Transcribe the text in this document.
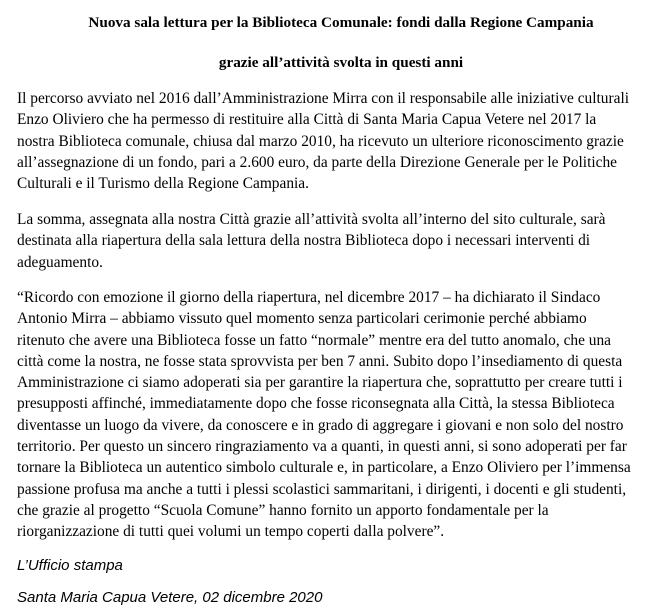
Nuova sala lettura per la Biblioteca Comunale: fondi dalla Regione Campania
grazie all’attività svolta in questi anni

Il percorso avviato nel 2016 dall’Amministrazione Mirra con il responsabile alle iniziative culturali
Enzo Oliviero che ha permesso di restituire alla Città di Santa Maria Capua Vetere nel 2017 la
nostra Biblioteca comunale, chiusa dal marzo 2010, ha ricevuto un ulteriore riconoscimento grazie
all’assegnazione di un fondo, pari a 2.600 euro, da parte della Direzione Generale per le Politiche
Culturali e il Turismo della Regione Campania.

La somma, assegnata alla nostra Città grazie all’attività svolta all’interno del sito culturale, sarà
destinata alla riapertura della sala lettura della nostra Biblioteca dopo i necessari interventi di
adeguamento.

“Ricordo con emozione il giorno della riapertura, nel dicembre 2017 – ha dichiarato il Sindaco
Antonio Mirra – abbiamo vissuto quel momento senza particolari cerimonie perché abbiamo
ritenuto che avere una Biblioteca fosse un fatto “normale” mentre era del tutto anomalo, che una
città come la nostra, ne fosse stata sprovvista per ben 7 anni. Subito dopo l’insediamento di questa
Amministrazione ci siamo adoperati sia per garantire la riapertura che, soprattutto per creare tutti i
presupposti affinché, immediatamente dopo che fosse riconsegnata alla Città, la stessa Biblioteca
diventasse un luogo da vivere, da conoscere e in grado di aggregare i giovani e non solo del nostro
territorio. Per questo un sincero ringraziamento va a quanti, in questi anni, si sono adoperati per far
tornare la Biblioteca un autentico simbolo culturale e, in particolare, a Enzo Oliviero per l’immensa
passione profusa ma anche a tutti i plessi scolastici sammaritani, i dirigenti, i docenti e gli studenti,
che grazie al progetto “Scuola Comune” hanno fornito un apporto fondamentale per la
riorganizzazione di tutti quei volumi un tempo coperti dalla polvere”.

L’Ufficio stampa

Santa Maria Capua Vetere, 02 dicembre 2020
